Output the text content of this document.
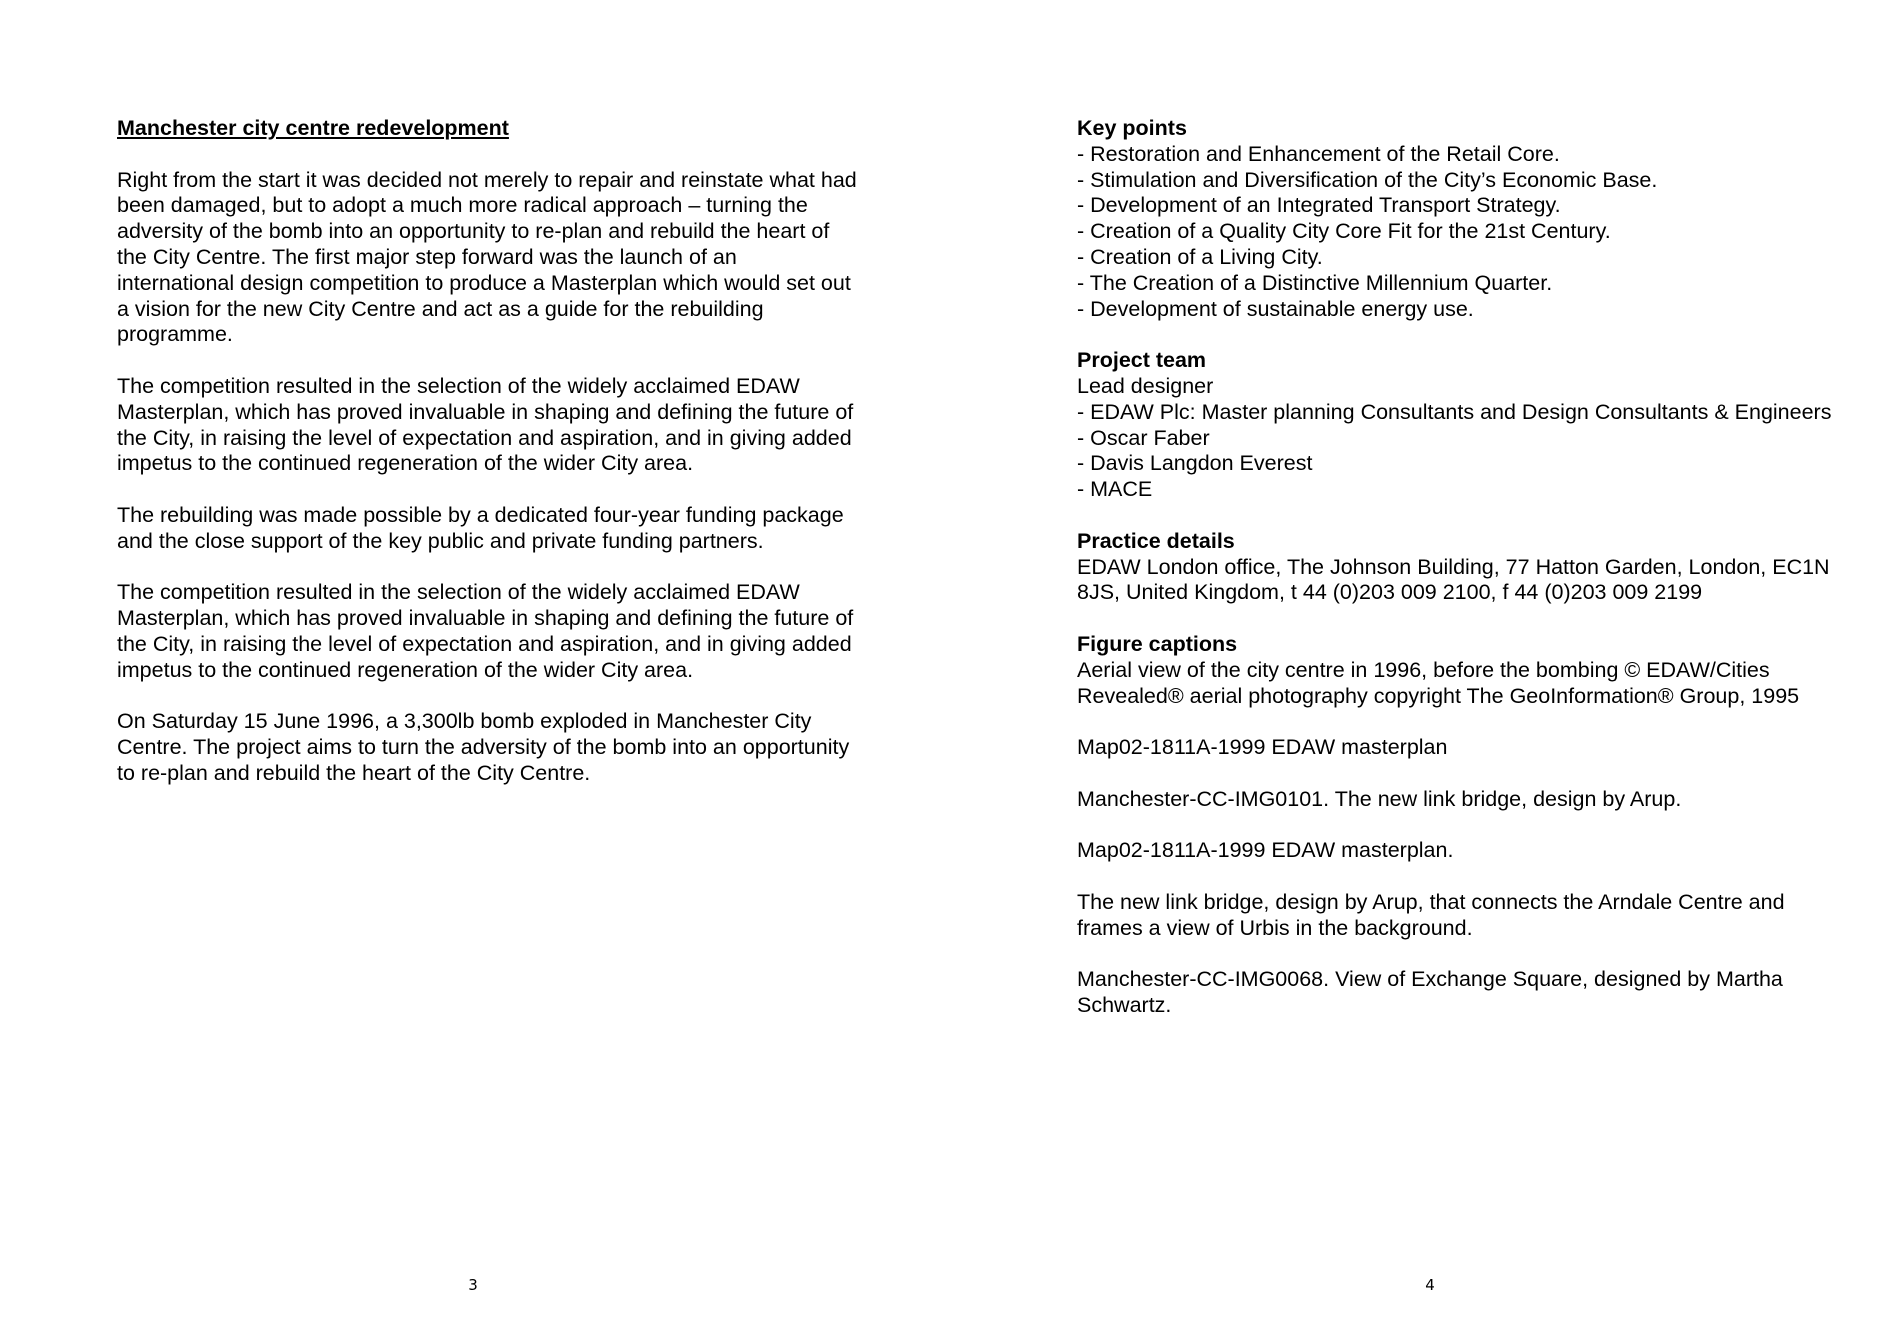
Manchester city centre redevelopment

Right from the start it was decided not merely to repair and reinstate what had been damaged, but to adopt a much more radical approach – turning the adversity of the bomb into an opportunity to re-plan and rebuild the heart of the City Centre. The first major step forward was the launch of an international design competition to produce a Masterplan which would set out a vision for the new City Centre and act as a guide for the rebuilding programme.

The competition resulted in the selection of the widely acclaimed EDAW Masterplan, which has proved invaluable in shaping and defining the future of the City, in raising the level of expectation and aspiration, and in giving added impetus to the continued regeneration of the wider City area.

The rebuilding was made possible by a dedicated four-year funding package and the close support of the key public and private funding partners.

The competition resulted in the selection of the widely acclaimed EDAW Masterplan, which has proved invaluable in shaping and defining the future of the City, in raising the level of expectation and aspiration, and in giving added impetus to the continued regeneration of the wider City area.

On Saturday 15 June 1996, a 3,300lb bomb exploded in Manchester City Centre. The project aims to turn the adversity of the bomb into an opportunity to re-plan and rebuild the heart of the City Centre.

3
Key points
- Restoration and Enhancement of the Retail Core.
- Stimulation and Diversification of the City’s Economic Base.
- Development of an Integrated Transport Strategy.
- Creation of a Quality City Core Fit for the 21st Century.
- Creation of a Living City.
- The Creation of a Distinctive Millennium Quarter.
- Development of sustainable energy use.
Project team
Lead designer
- EDAW Plc: Master planning Consultants and Design Consultants & Engineers
- Oscar Faber
- Davis Langdon Everest
- MACE
Practice details
EDAW London office, The Johnson Building, 77 Hatton Garden, London, EC1N 8JS, United Kingdom, t 44 (0)203 009 2100, f 44 (0)203 009 2199
Figure captions
Aerial view of the city centre in 1996, before the bombing © EDAW/Cities Revealed® aerial photography copyright The GeoInformation® Group, 1995

Map02-1811A-1999 EDAW masterplan

Manchester-CC-IMG0101. The new link bridge, design by Arup.

Map02-1811A-1999 EDAW masterplan.

The new link bridge, design by Arup, that connects the Arndale Centre and frames a view of Urbis in the background.

Manchester-CC-IMG0068. View of Exchange Square, designed by Martha Schwartz.

4
